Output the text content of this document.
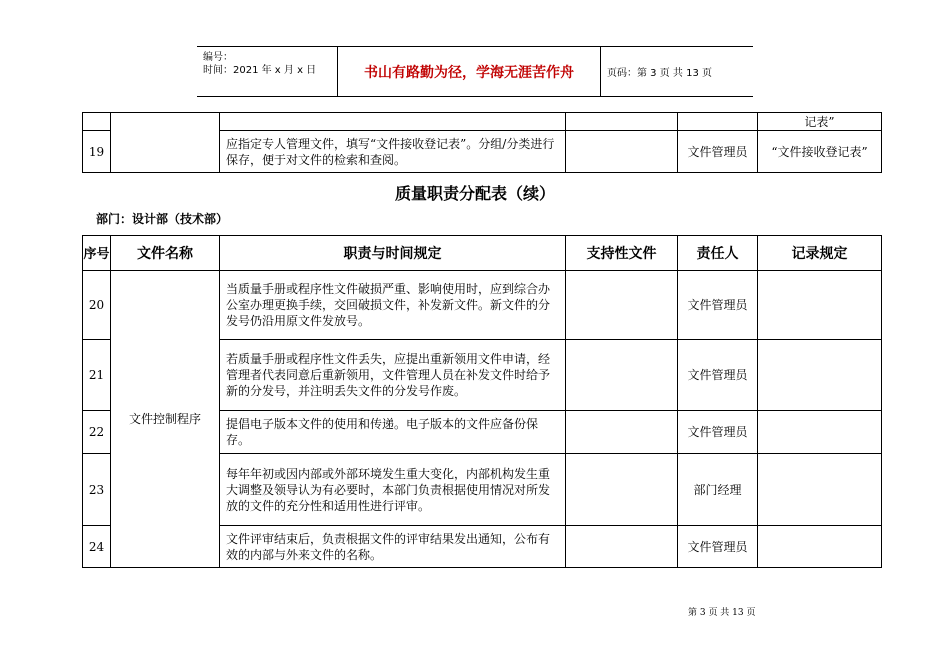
编号：
时间：2021 年 x 月 x 日	书山有路勤为径，学海无涯苦作舟	页码：第 3 页 共 13 页
					记表”
19		应指定专人管理文件，填写“文件接收登记表”。分组/分类进行保存，便于对文件的检索和查阅。		文件管理员	“文件接收登记表”
质量职责分配表（续）
部门：设计部（技术部）
序号	文件名称	职责与时间规定	支持性文件	责任人	记录规定
20	文件控制程序	当质量手册或程序性文件破损严重、影响使用时，应到综合办公室办理更换手续，交回破损文件，补发新文件。新文件的分发号仍沿用原文件发放号。		文件管理员	
21		若质量手册或程序性文件丢失，应提出重新领用文件申请，经管理者代表同意后重新领用，文件管理人员在补发文件时给予新的分发号，并注明丢失文件的分发号作废。		文件管理员	
22		提倡电子版本文件的使用和传递。电子版本的文件应备份保存。		文件管理员	
23		每年年初或因内部或外部环境发生重大变化，内部机构发生重大调整及领导认为有必要时，本部门负责根据使用情况对所发放的文件的充分性和适用性进行评审。		部门经理	
24		文件评审结束后，负责根据文件的评审结果发出通知，公布有效的内部与外来文件的名称。		文件管理员	
第 3 页 共 13 页
